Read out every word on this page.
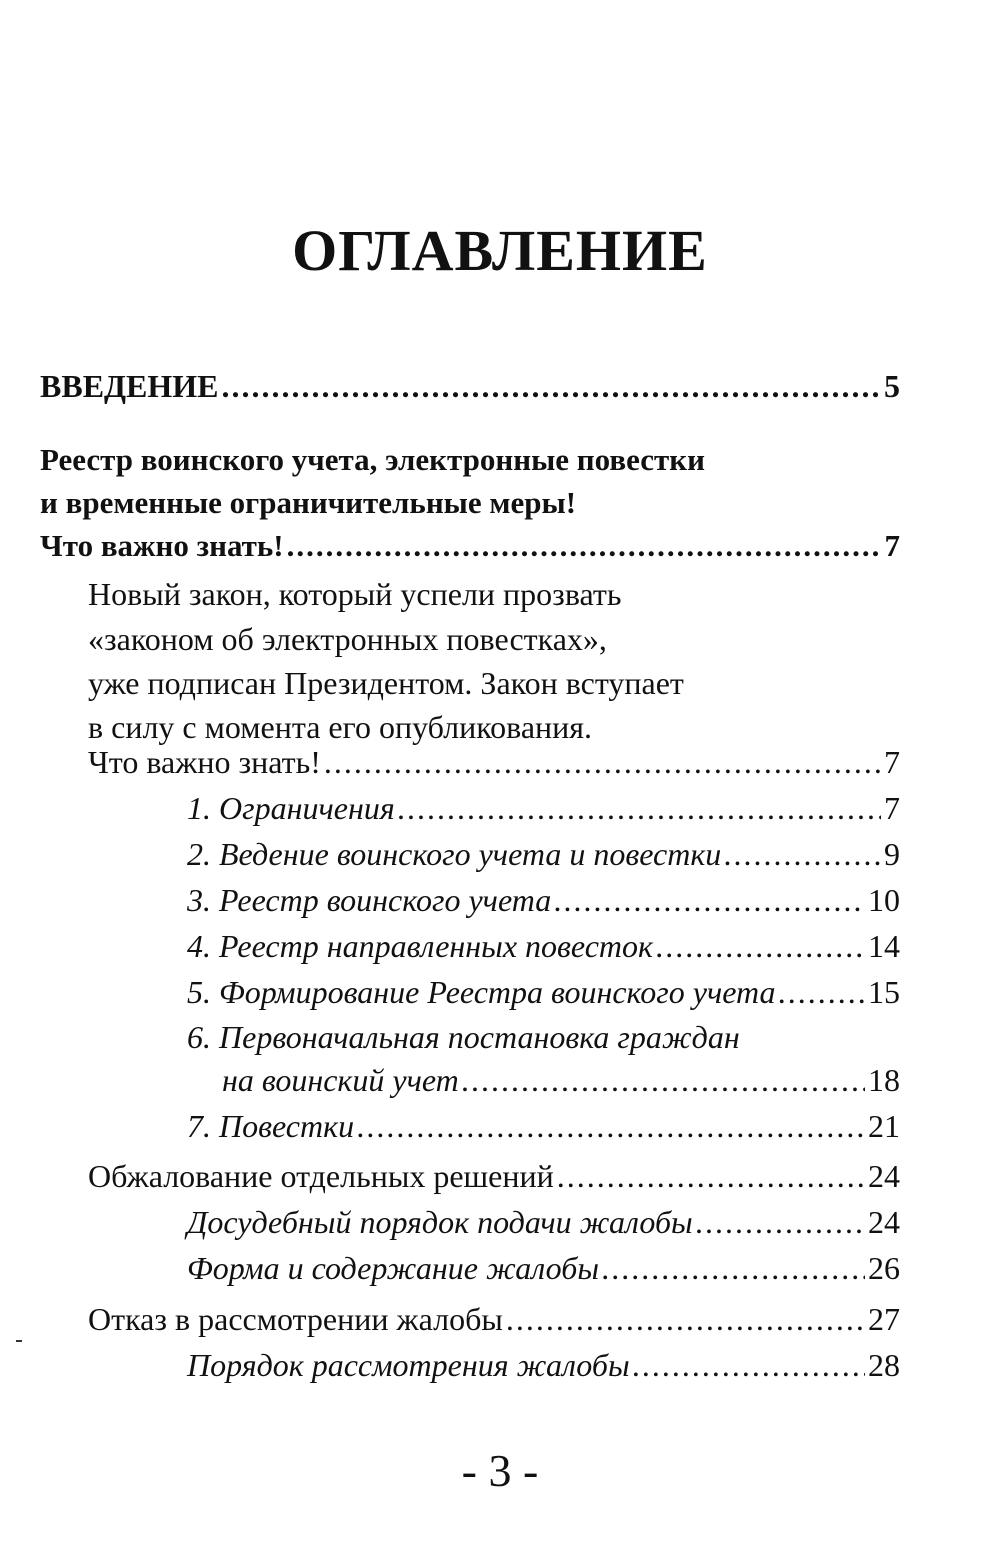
ОГЛАВЛЕНИЕ
ВВЕДЕНИЕ .....	5
Реестр воинского учета, электронные повестки
и временные ограничительные меры!
Что важно знать! .....	7
Новый закон, который успели прозвать
«законом об электронных повестках»,
уже подписан Президентом. Закон вступает
в силу с момента его опубликования.
Что важно знать! .....	7
1. Ограничения .....	7
2. Ведение воинского учета и повестки .....	9
3. Реестр воинского учета .....	10
4. Реестр направленных повесток .....	14
5. Формирование Реестра воинского учета .....	15
6. Первоначальная постановка граждан
на воинский учет .....	18
7. Повестки .....	21
Обжалование отдельных решений .....	24
Досудебный порядок подачи жалобы .....	24
Форма и содержание жалобы .....	26
Отказ в рассмотрении жалобы .....	27
Порядок рассмотрения жалобы .....	28
- 3 -
